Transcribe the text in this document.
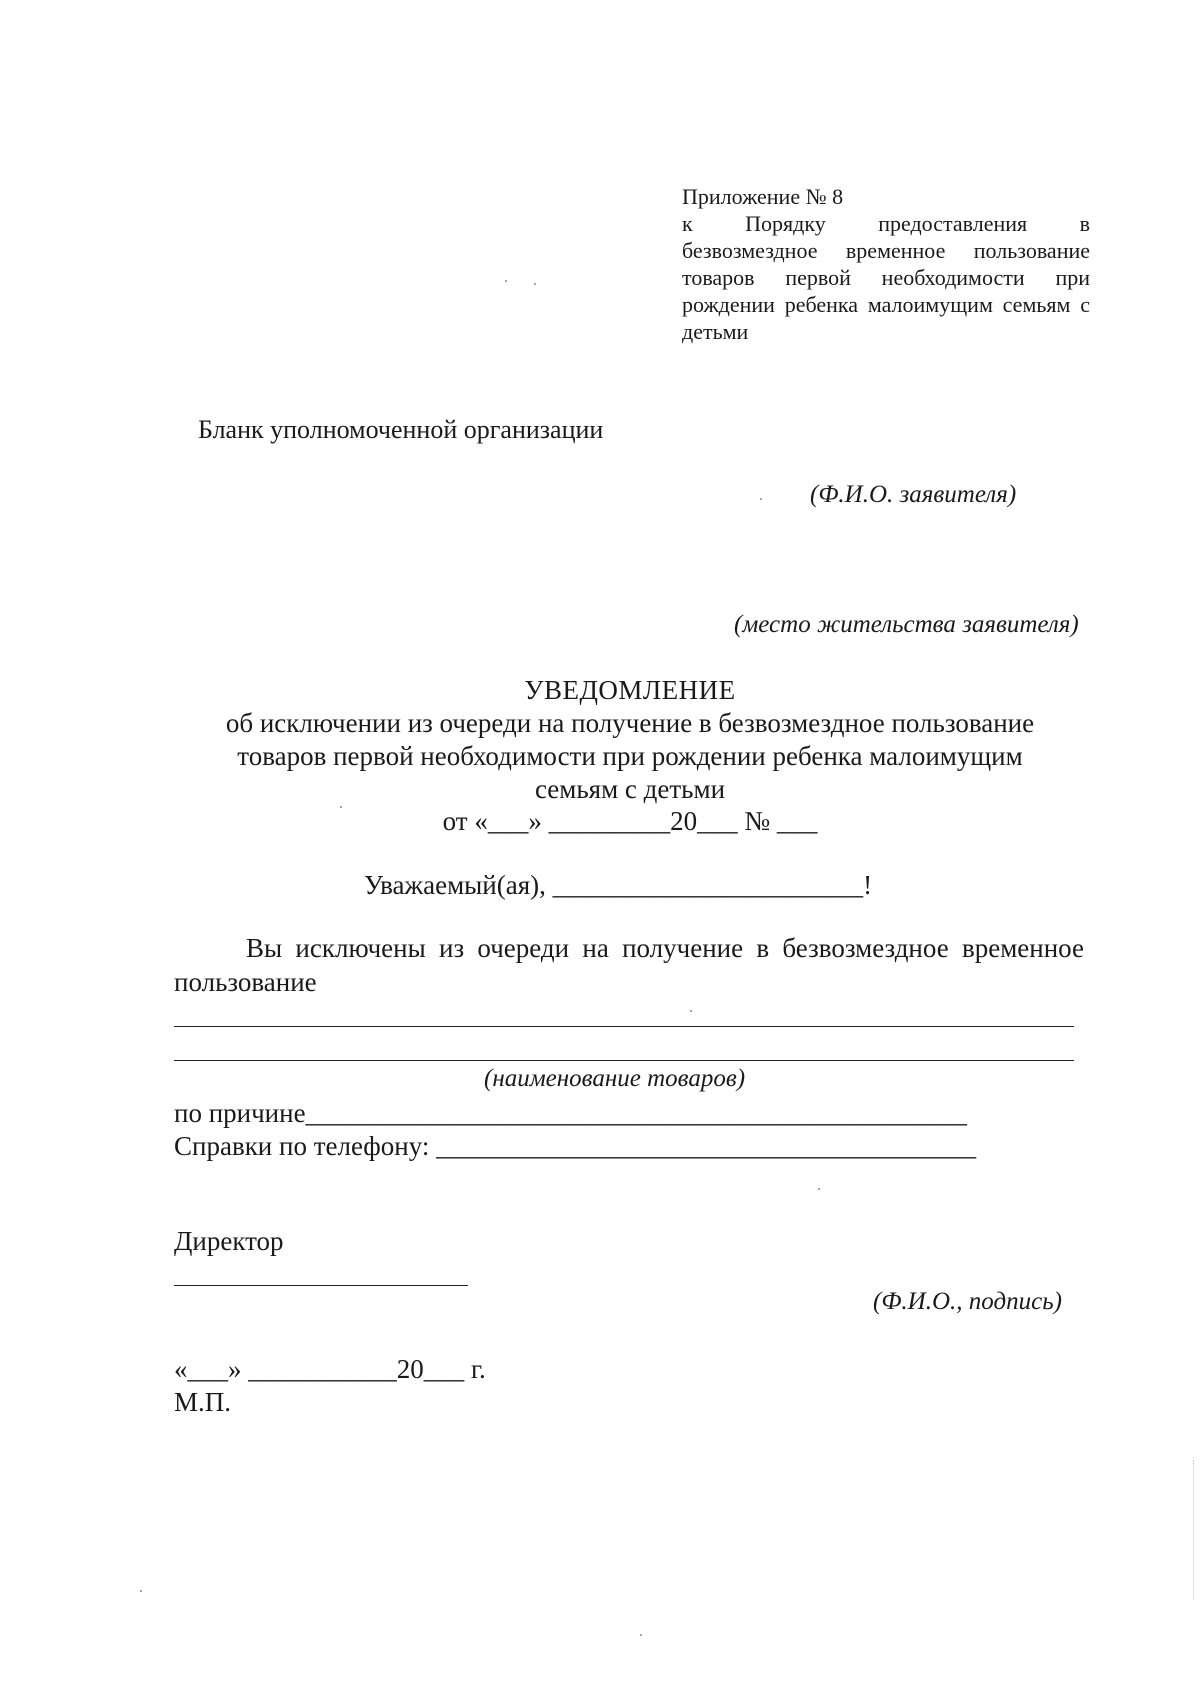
Приложение № 8
к Порядку предоставления в безвозмездное временное пользование товаров первой необходимости при рождении ребенка малоимущим семьям с детьми
Бланк уполномоченной организации
(Ф.И.О. заявителя)
(место жительства заявителя)
УВЕДОМЛЕНИЕ
об исключении из очереди на получение в безвозмездное пользование
товаров первой необходимости при рождении ребенка малоимущим
семьям с детьми
от «___» _________20___ № ___
Уважаемый(ая), _______________________!
Вы исключены из очереди на получение в безвозмездное временное
пользование
(наименование товаров)
по причине_________________________________________________
Справки по телефону: ________________________________________
Директор
(Ф.И.О., подпись)
«___» ___________20___ г.
М.П.
